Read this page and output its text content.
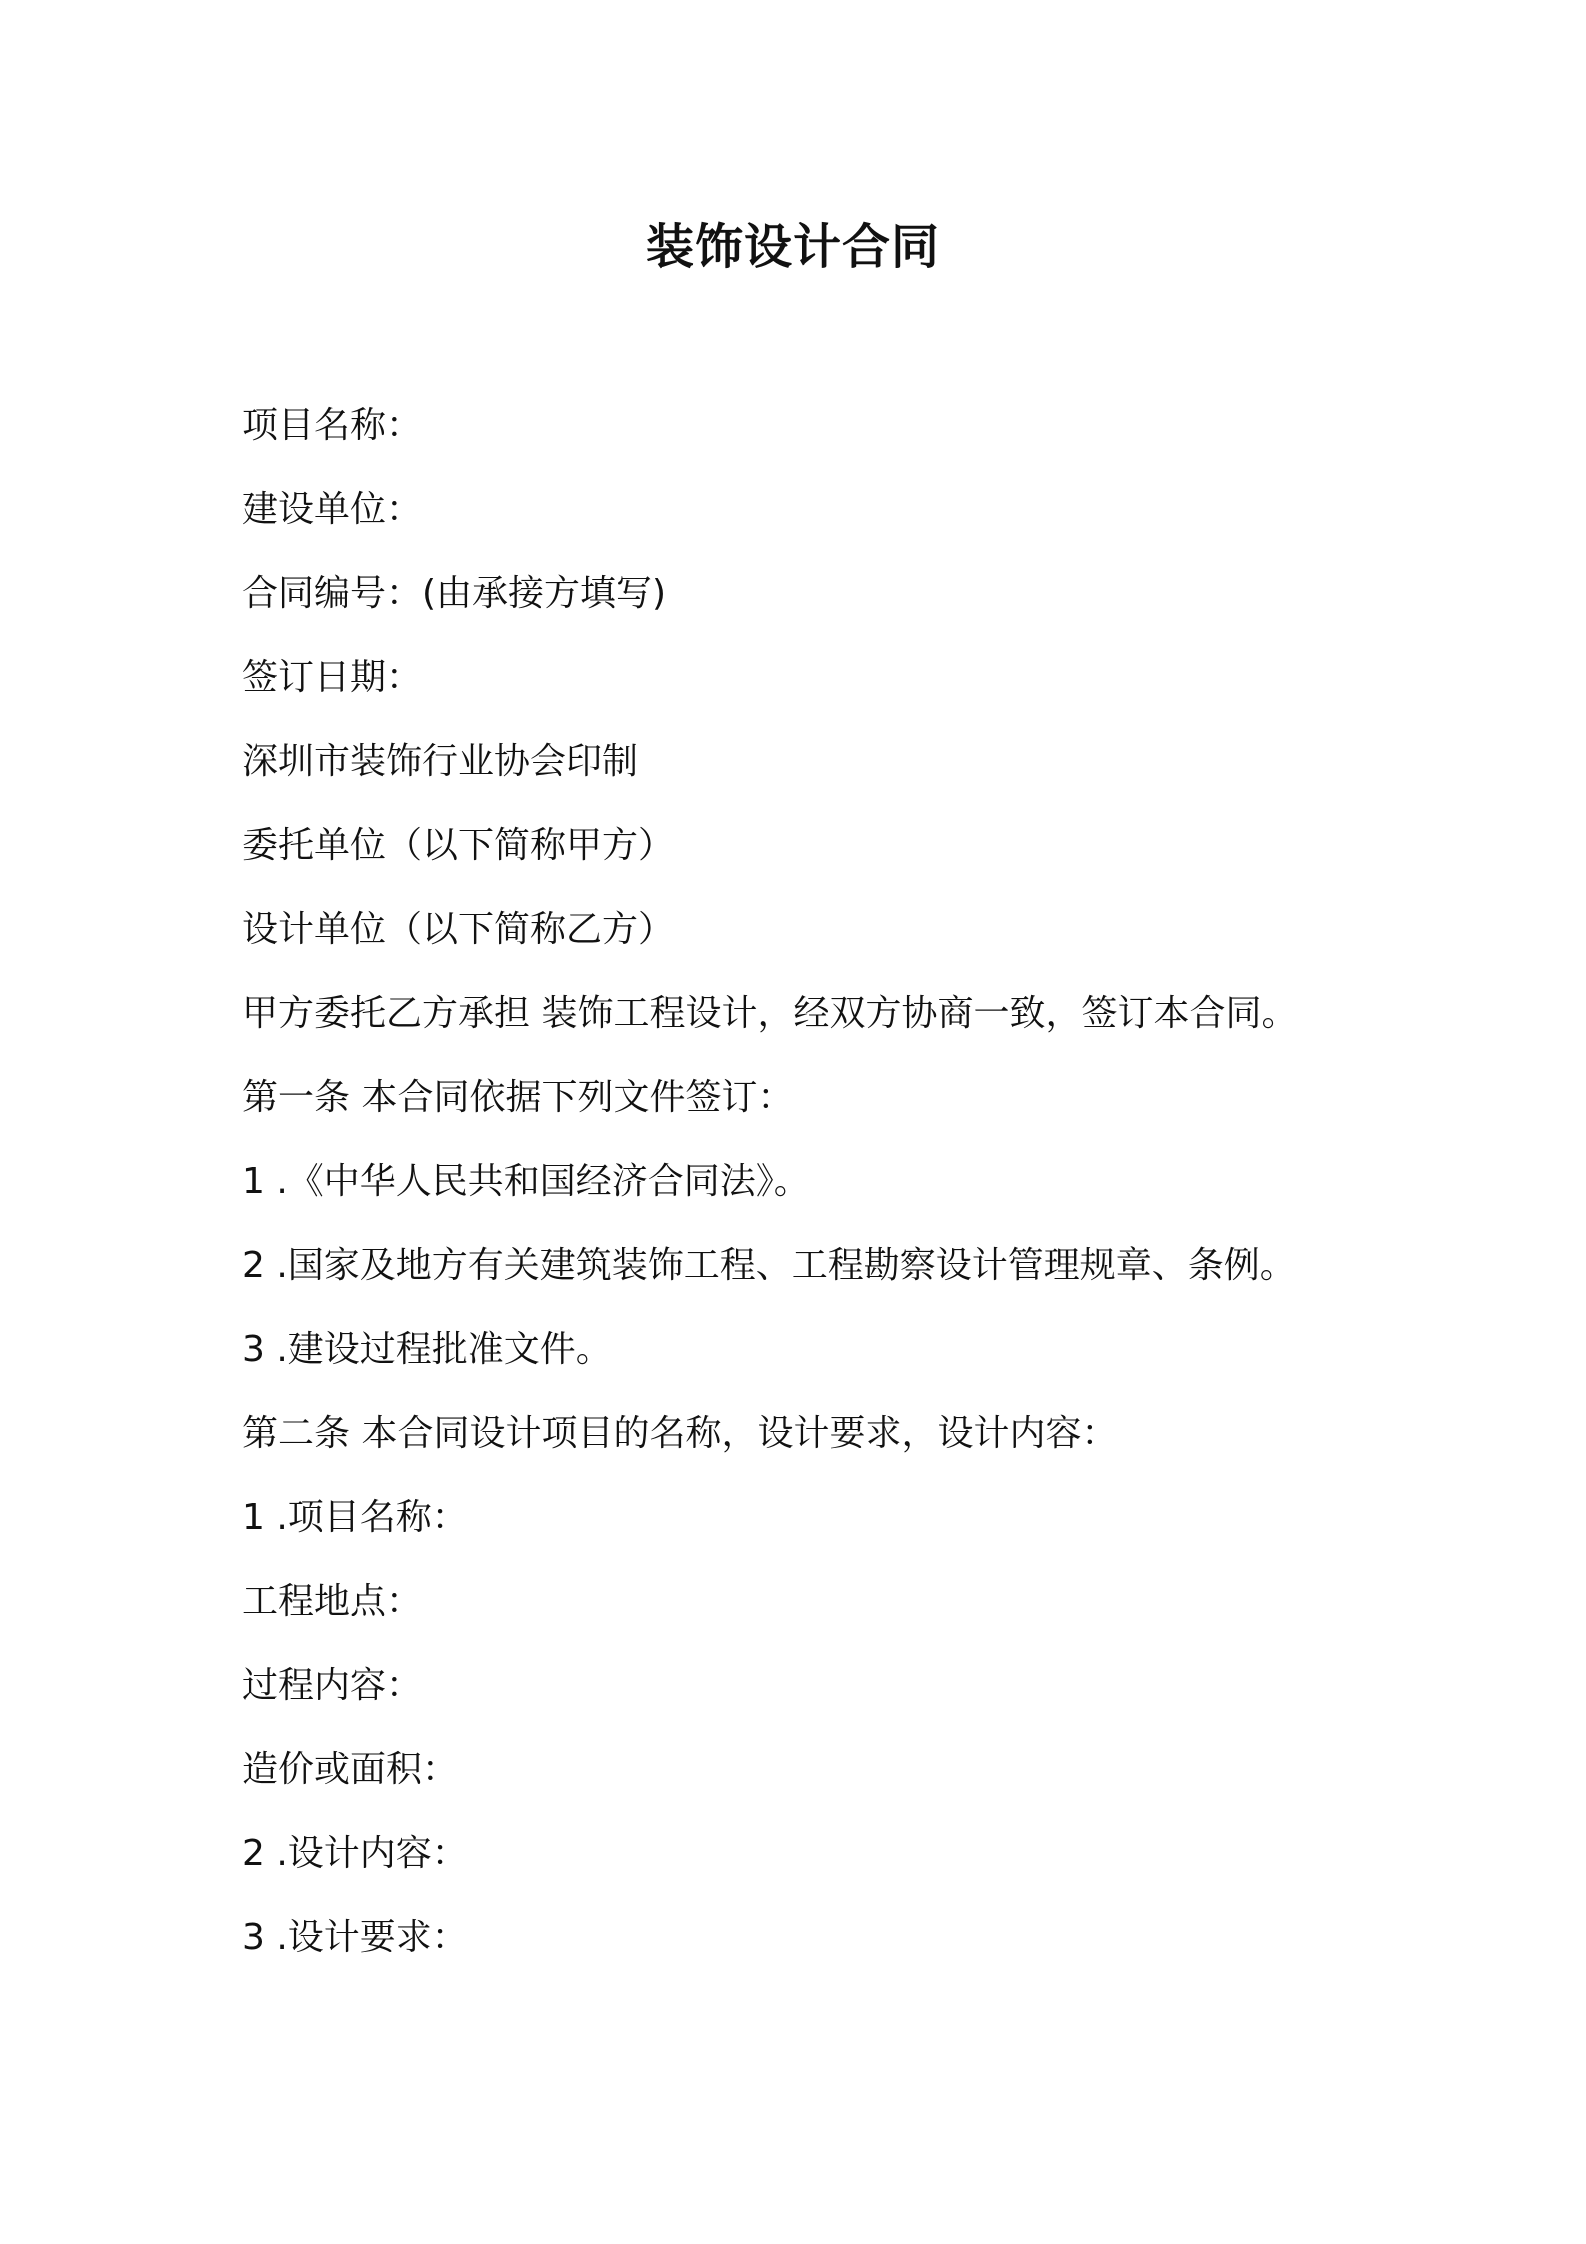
装饰设计合同

项目名称：

建设单位：

合同编号：(由承接方填写)

签订日期：

深圳市装饰行业协会印制

委托单位（以下简称甲方）

设计单位（以下简称乙方）

甲方委托乙方承担 装饰工程设计，经双方协商一致，签订本合同。

第一条 本合同依据下列文件签订：

1 .《中华人民共和国经济合同法》。

2 .国家及地方有关建筑装饰工程、工程勘察设计管理规章、条例。

3 .建设过程批准文件。

第二条 本合同设计项目的名称，设计要求，设计内容：

1 .项目名称：

工程地点：

过程内容：

造价或面积：

2 .设计内容：

3 .设计要求：
